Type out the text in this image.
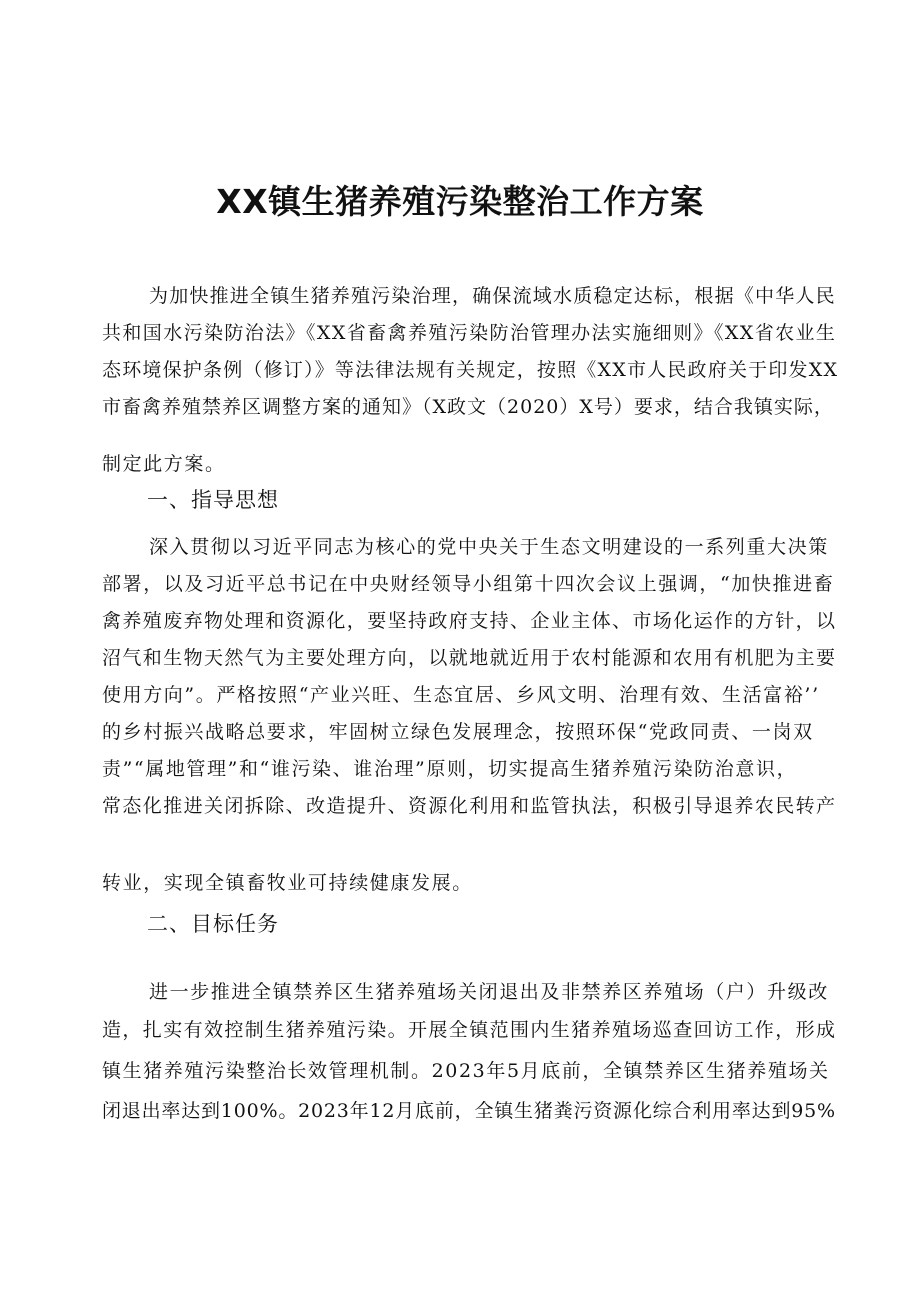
XX镇生猪养殖污染整治工作方案
为加快推进全镇生猪养殖污染治理，确保流域水质稳定达标，根据《中华人民
共和国水污染防治法》《XX省畜禽养殖污染防治管理办法实施细则》《XX省农业生
态环境保护条例（修订）》等法律法规有关规定，按照《XX市人民政府关于印发XX
市畜禽养殖禁养区调整方案的通知》（X政文（2020）X号）要求，结合我镇实际，
制定此方案。
一、指导思想
深入贯彻以习近平同志为核心的党中央关于生态文明建设的一系列重大决策
部署，以及习近平总书记在中央财经领导小组第十四次会议上强调，“加快推进畜
禽养殖废弃物处理和资源化，要坚持政府支持、企业主体、市场化运作的方针，以
沼气和生物天然气为主要处理方向，以就地就近用于农村能源和农用有机肥为主要
使用方向”。严格按照“产业兴旺、生态宜居、乡风文明、治理有效、生活富裕’’
的乡村振兴战略总要求，牢固树立绿色发展理念，按照环保“党政同责、一岗双
责”“属地管理”和“谁污染、谁治理”原则，切实提高生猪养殖污染防治意识，
常态化推进关闭拆除、改造提升、资源化利用和监管执法，积极引导退养农民转产
转业，实现全镇畜牧业可持续健康发展。
二、目标任务
进一步推进全镇禁养区生猪养殖场关闭退出及非禁养区养殖场（户）升级改
造，扎实有效控制生猪养殖污染。开展全镇范围内生猪养殖场巡查回访工作，形成
镇生猪养殖污染整治长效管理机制。2023年5月底前，全镇禁养区生猪养殖场关
闭退出率达到100%。2023年12月底前，全镇生猪粪污资源化综合利用率达到95%
